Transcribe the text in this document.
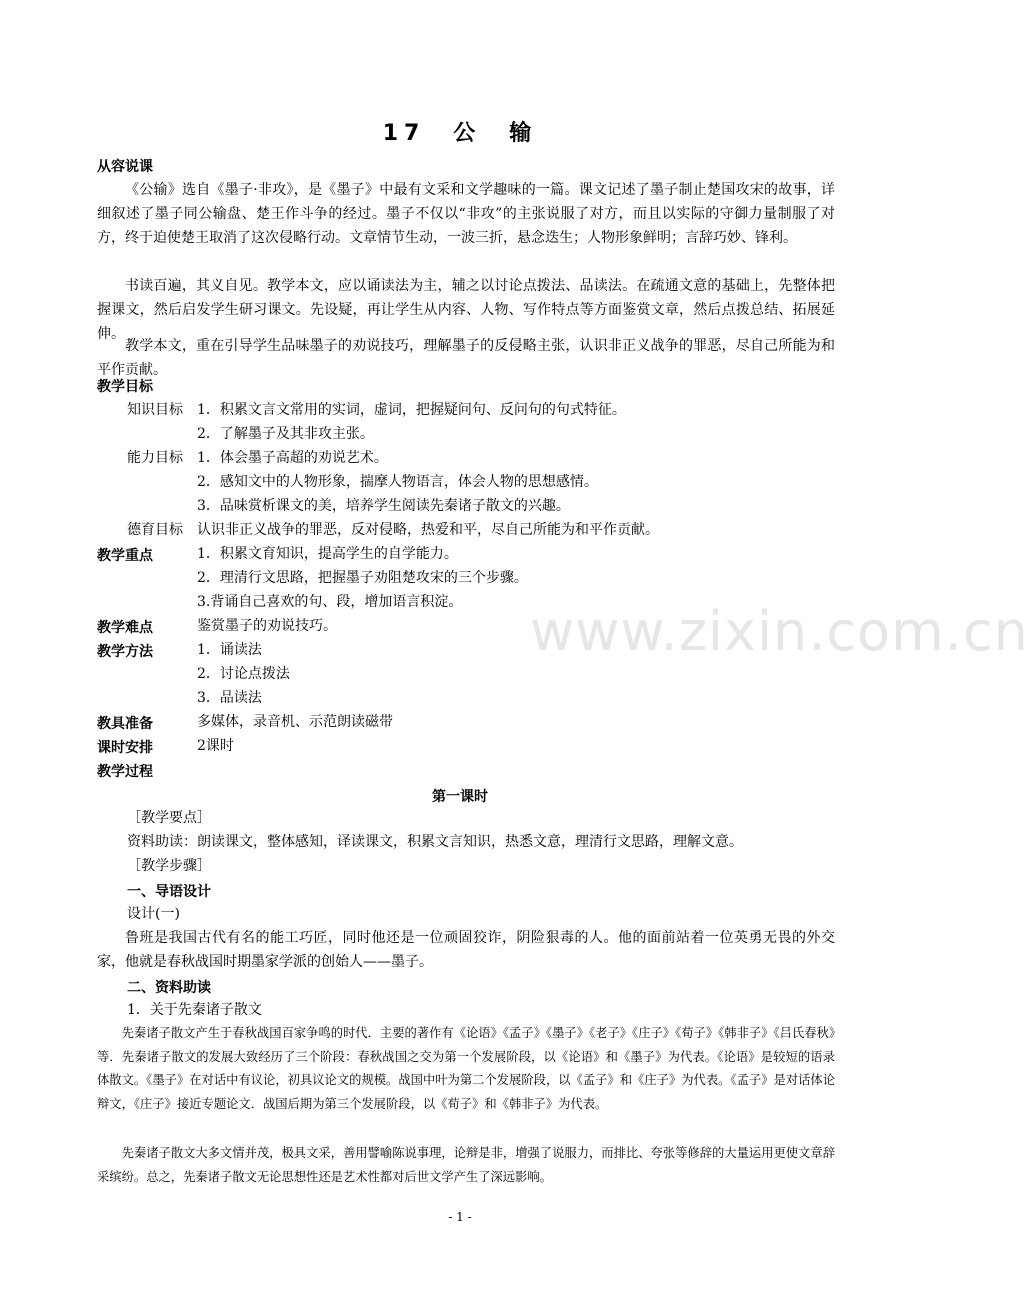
www.zixin.com.cn
17　公　输
从容说课
《公输》选自《墨子·非攻》，是《墨子》中最有文采和文学趣味的一篇。课文记述了墨子制止楚国攻宋的故事，详细叙述了墨子同公输盘、楚王作斗争的经过。墨子不仅以“非攻”的主张说服了对方，而且以实际的守御力量制服了对方，终于迫使楚王取消了这次侵略行动。文章情节生动，一波三折，悬念迭生；人物形象鲜明；言辞巧妙、锋利。
书读百遍，其义自见。教学本文，应以诵读法为主，辅之以讨论点拨法、品读法。在疏通文意的基础上，先整体把握课文，然后启发学生研习课文。先设疑，再让学生从内容、人物、写作特点等方面鉴赏文章，然后点拨总结、拓展延伸。
教学本文，重在引导学生品味墨子的劝说技巧，理解墨子的反侵略主张，认识非正义战争的罪恶，尽自己所能为和平作贡献。
教学目标
知识目标 1．积累文言文常用的实词，虚词，把握疑问句、反问句的句式特征。
2．了解墨子及其非攻主张。
能力目标 1．体会墨子高超的劝说艺术。
2．感知文中的人物形象，揣摩人物语言，体会人物的思想感情。
3．品味赏析课文的美，培养学生阅读先秦诸子散文的兴趣。
德育目标 认识非正义战争的罪恶，反对侵略，热爱和平，尽自己所能为和平作贡献。
教学重点	1．积累文育知识，提高学生的自学能力。
2．理清行文思路，把握墨子劝阻楚攻宋的三个步骤。
3.背诵自己喜欢的句、段，增加语言积淀。
教学难点	鉴赏墨子的劝说技巧。
教学方法	1．诵读法
2．讨论点拨法
3．品读法
教具准备	多媒体，录音机、示范朗读磁带
课时安排	2课时
教学过程
第一课时
［教学要点］
资料助读：朗读课文，整体感知，译读课文，积累文言知识，热悉文意，理清行文思路，理解文意。
［教学步骤］
一、导语设计
设计(一)
鲁班是我国古代有名的能工巧匠，同时他还是一位顽固狡诈，阴险狠毒的人。他的面前站着一位英勇无畏的外交家，他就是春秋战国时期墨家学派的创始人——墨子。
二、资料助读
1．关于先秦诸子散文
先秦诸子散文产生于春秋战国百家争鸣的时代．主要的著作有《论语》《孟子》《墨子》《老子》《庄子》《荀子》《韩非子》《吕氏春秋》等．先秦诸子散文的发展大致经历了三个阶段：春秋战国之交为第一个发展阶段，以《论语》和《墨子》为代表。《论语》是较短的语录体散文。《墨子》在对话中有议论，初具议论文的规模。战国中叶为第二个发展阶段，以《孟子》和《庄子》为代表。《孟子》是对话体论辩文，《庄子》接近专题论文．战国后期为第三个发展阶段，以《荀子》和《韩非子》为代表。
先秦诸子散文大多文情并茂，极具文采，善用譬喻陈说事理，论辩是非，增强了说服力，而排比、夸张等修辞的大量运用更使文章辞采缤纷。总之，先秦诸子散文无论思想性还是艺术性都对后世文学产生了深远影响。
- 1 -
